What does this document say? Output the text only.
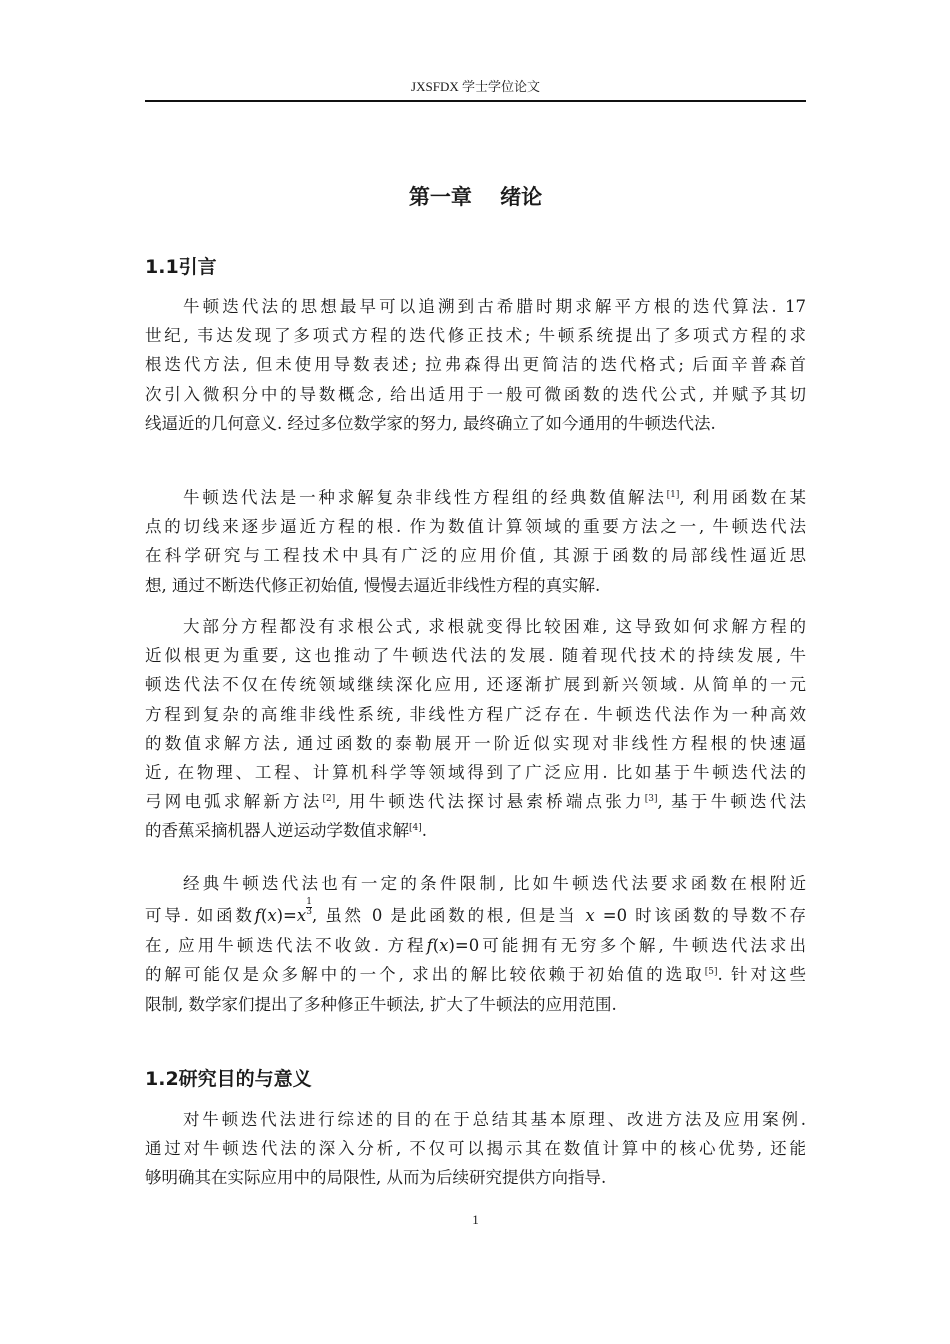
JXSFDX 学士学位论文
第一章　 绪论
1.1引言
牛顿迭代法的思想最早可以追溯到古希腊时期求解平方根的迭代算法. 17
世纪, 韦达发现了多项式方程的迭代修正技术; 牛顿系统提出了多项式方程的求
根迭代方法, 但未使用导数表述; 拉弗森得出更简洁的迭代格式; 后面辛普森首
次引入微积分中的导数概念, 给出适用于一般可微函数的迭代公式, 并赋予其切
线逼近的几何意义. 经过多位数学家的努力, 最终确立了如今通用的牛顿迭代法.
牛顿迭代法是一种求解复杂非线性方程组的经典数值解法[1], 利用函数在某
点的切线来逐步逼近方程的根. 作为数值计算领域的重要方法之一, 牛顿迭代法
在科学研究与工程技术中具有广泛的应用价值, 其源于函数的局部线性逼近思
想, 通过不断迭代修正初始值, 慢慢去逼近非线性方程的真实解.
大部分方程都没有求根公式, 求根就变得比较困难, 这导致如何求解方程的
近似根更为重要, 这也推动了牛顿迭代法的发展. 随着现代技术的持续发展, 牛
顿迭代法不仅在传统领域继续深化应用, 还逐渐扩展到新兴领域. 从简单的一元
方程到复杂的高维非线性系统, 非线性方程广泛存在. 牛顿迭代法作为一种高效
的数值求解方法, 通过函数的泰勒展开一阶近似实现对非线性方程根的快速逼
近, 在物理、工程、计算机科学等领域得到了广泛应用. 比如基于牛顿迭代法的
弓网电弧求解新方法[2], 用牛顿迭代法探讨悬索桥端点张力[3], 基于牛顿迭代法
的香蕉采摘机器人逆运动学数值求解[4].
经典牛顿迭代法也有一定的条件限制, 比如牛顿迭代法要求函数在根附近
可导. 如函数$f(x)=x \frac{1}{3}$ , 虽然 0 是此函数的根, 但是当 x =0 时该函数的导数不存
在, 应用牛顿迭代法不收敛. 方程f(x)=0可能拥有无穷多个解, 牛顿迭代法求出
的解可能仅是众多解中的一个, 求出的解比较依赖于初始值的选取[5]. 针对这些
限制, 数学家们提出了多种修正牛顿法, 扩大了牛顿法的应用范围.
1.2研究目的与意义
对牛顿迭代法进行综述的目的在于总结其基本原理、改进方法及应用案例.
通过对牛顿迭代法的深入分析, 不仅可以揭示其在数值计算中的核心优势, 还能
够明确其在实际应用中的局限性, 从而为后续研究提供方向指导.
1
